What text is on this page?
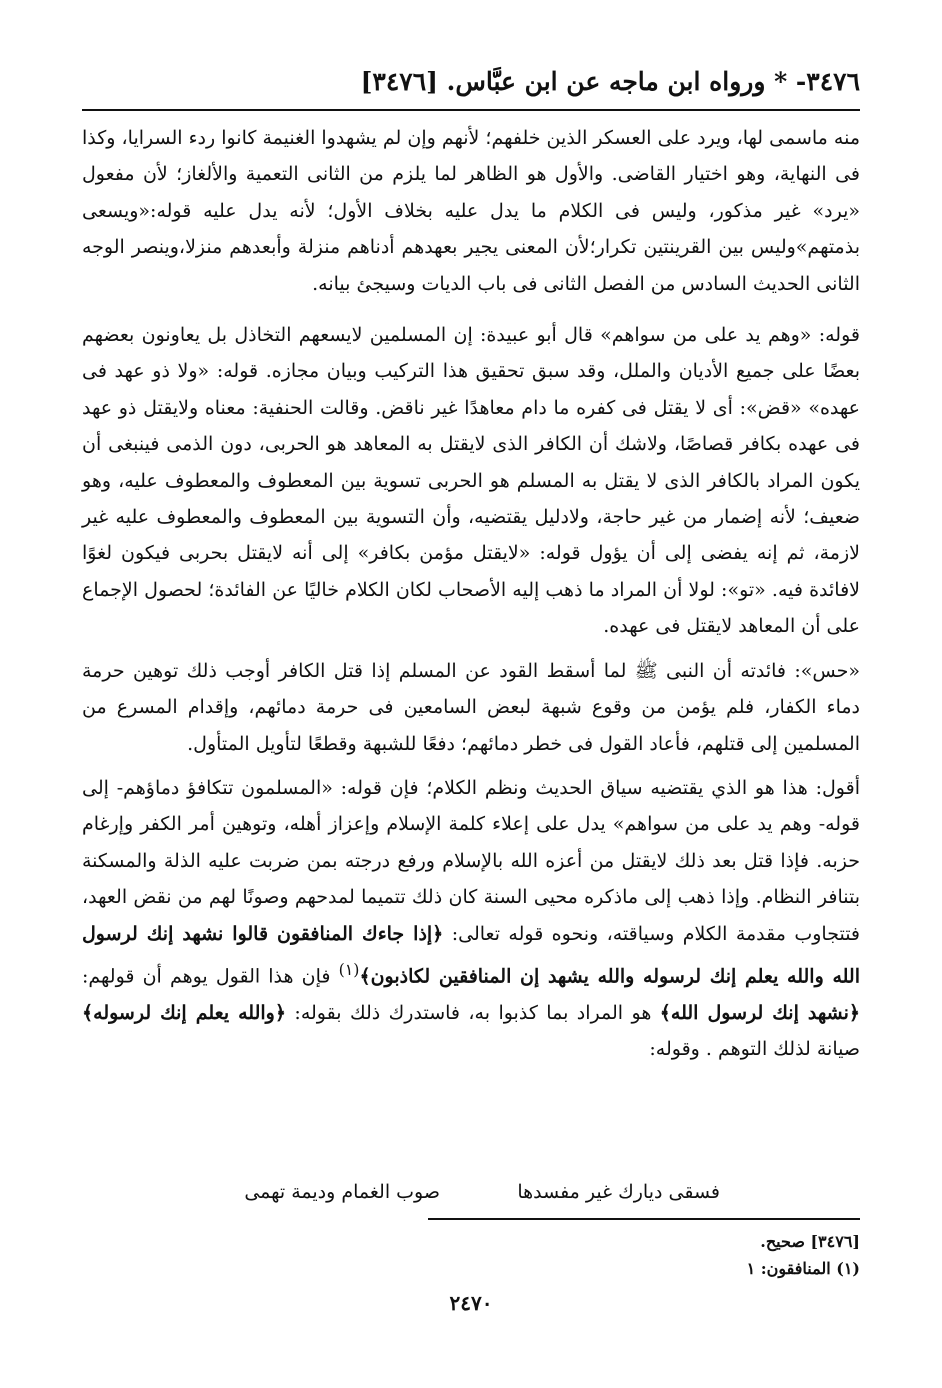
٣٤٧٦- * ورواه ابن ماجه عن ابن عبَّاس. [٣٤٧٦]

منه ماسمى لها، ويرد على العسكر الذين خلفهم؛ لأنهم وإن لم يشهدوا الغنيمة كانوا ردء السرايا، وكذا فى النهاية، وهو اختيار القاضى. والأول هو الظاهر لما يلزم من الثانى التعمية والألغاز؛ لأن مفعول «يرد» غير مذكور، وليس فى الكلام ما يدل عليه بخلاف الأول؛ لأنه يدل عليه قوله:«ويسعى بذمتهم»وليس بين القرينتين تكرار؛لأن المعنى يجير بعهدهم أدناهم منزلة وأبعدهم منزلا،وينصر الوجه الثانى الحديث السادس من الفصل الثانى فى باب الديات وسيجئ بيانه.

قوله: «وهم يد على من سواهم» قال أبو عبيدة: إن المسلمين لايسعهم التخاذل بل يعاونون بعضهم بعضًا على جميع الأديان والملل، وقد سبق تحقيق هذا التركيب وبيان مجازه. قوله: «ولا ذو عهد فى عهده» «قض»: أى لا يقتل فى كفره ما دام معاهدًا غير ناقض. وقالت الحنفية: معناه ولايقتل ذو عهد فى عهده بكافر قصاصًا، ولاشك أن الكافر الذى لايقتل به المعاهد هو الحربى، دون الذمى فينبغى أن يكون المراد بالكافر الذى لا يقتل به المسلم هو الحربى تسوية بين المعطوف والمعطوف عليه، وهو ضعيف؛ لأنه إضمار من غير حاجة، ولادليل يقتضيه، وأن التسوية بين المعطوف والمعطوف عليه غير لازمة، ثم إنه يفضى إلى أن يؤول قوله: «لايقتل مؤمن بكافر» إلى أنه لايقتل بحربى فيكون لغوًا لافائدة فيه. «تو»: لولا أن المراد ما ذهب إليه الأصحاب لكان الكلام خاليًا عن الفائدة؛ لحصول الإجماع على أن المعاهد لايقتل فى عهده.

«حس»: فائدته أن النبى ﷺ لما أسقط القود عن المسلم إذا قتل الكافر أوجب ذلك توهين حرمة دماء الكفار، فلم يؤمن من وقوع شبهة لبعض السامعين فى حرمة دمائهم، وإقدام المسرع من المسلمين إلى قتلهم، فأعاد القول فى خطر دمائهم؛ دفعًا للشبهة وقطعًا لتأويل المتأول.

أقول: هذا هو الذي يقتضيه سياق الحديث ونظم الكلام؛ فإن قوله: «المسلمون تتكافؤ دماؤهم- إلى قوله- وهم يد على من سواهم» يدل على إعلاء كلمة الإسلام وإعزاز أهله، وتوهين أمر الكفر وإرغام حزبه. فإذا قتل بعد ذلك لايقتل من أعزه الله بالإسلام ورفع درجته بمن ضربت عليه الذلة والمسكنة بتنافر النظام. وإذا ذهب إلى ماذكره محيى السنة كان ذلك تتميما لمدحهم وصونًا لهم من نقض العهد، فتتجاوب مقدمة الكلام وسياقته، ونحوه قوله تعالى: ﴿إذا جاءك المنافقون قالوا نشهد إنك لرسول الله والله يعلم إنك لرسوله والله يشهد إن المنافقين لكاذبون﴾$^{(١)}$ فإن هذا القول يوهم أن قولهم: ﴿نشهد إنك لرسول الله﴾ هو المراد بما كذبوا به، فاستدرك ذلك بقوله: ﴿والله يعلم إنك لرسوله﴾ صيانة لذلك التوهم . وقوله:

فسقى ديارك غير مفسدها
صوب الغمام وديمة تهمى
[٣٤٧٦] صحيح.
(١) المنافقون: ١
٢٤٧٠
